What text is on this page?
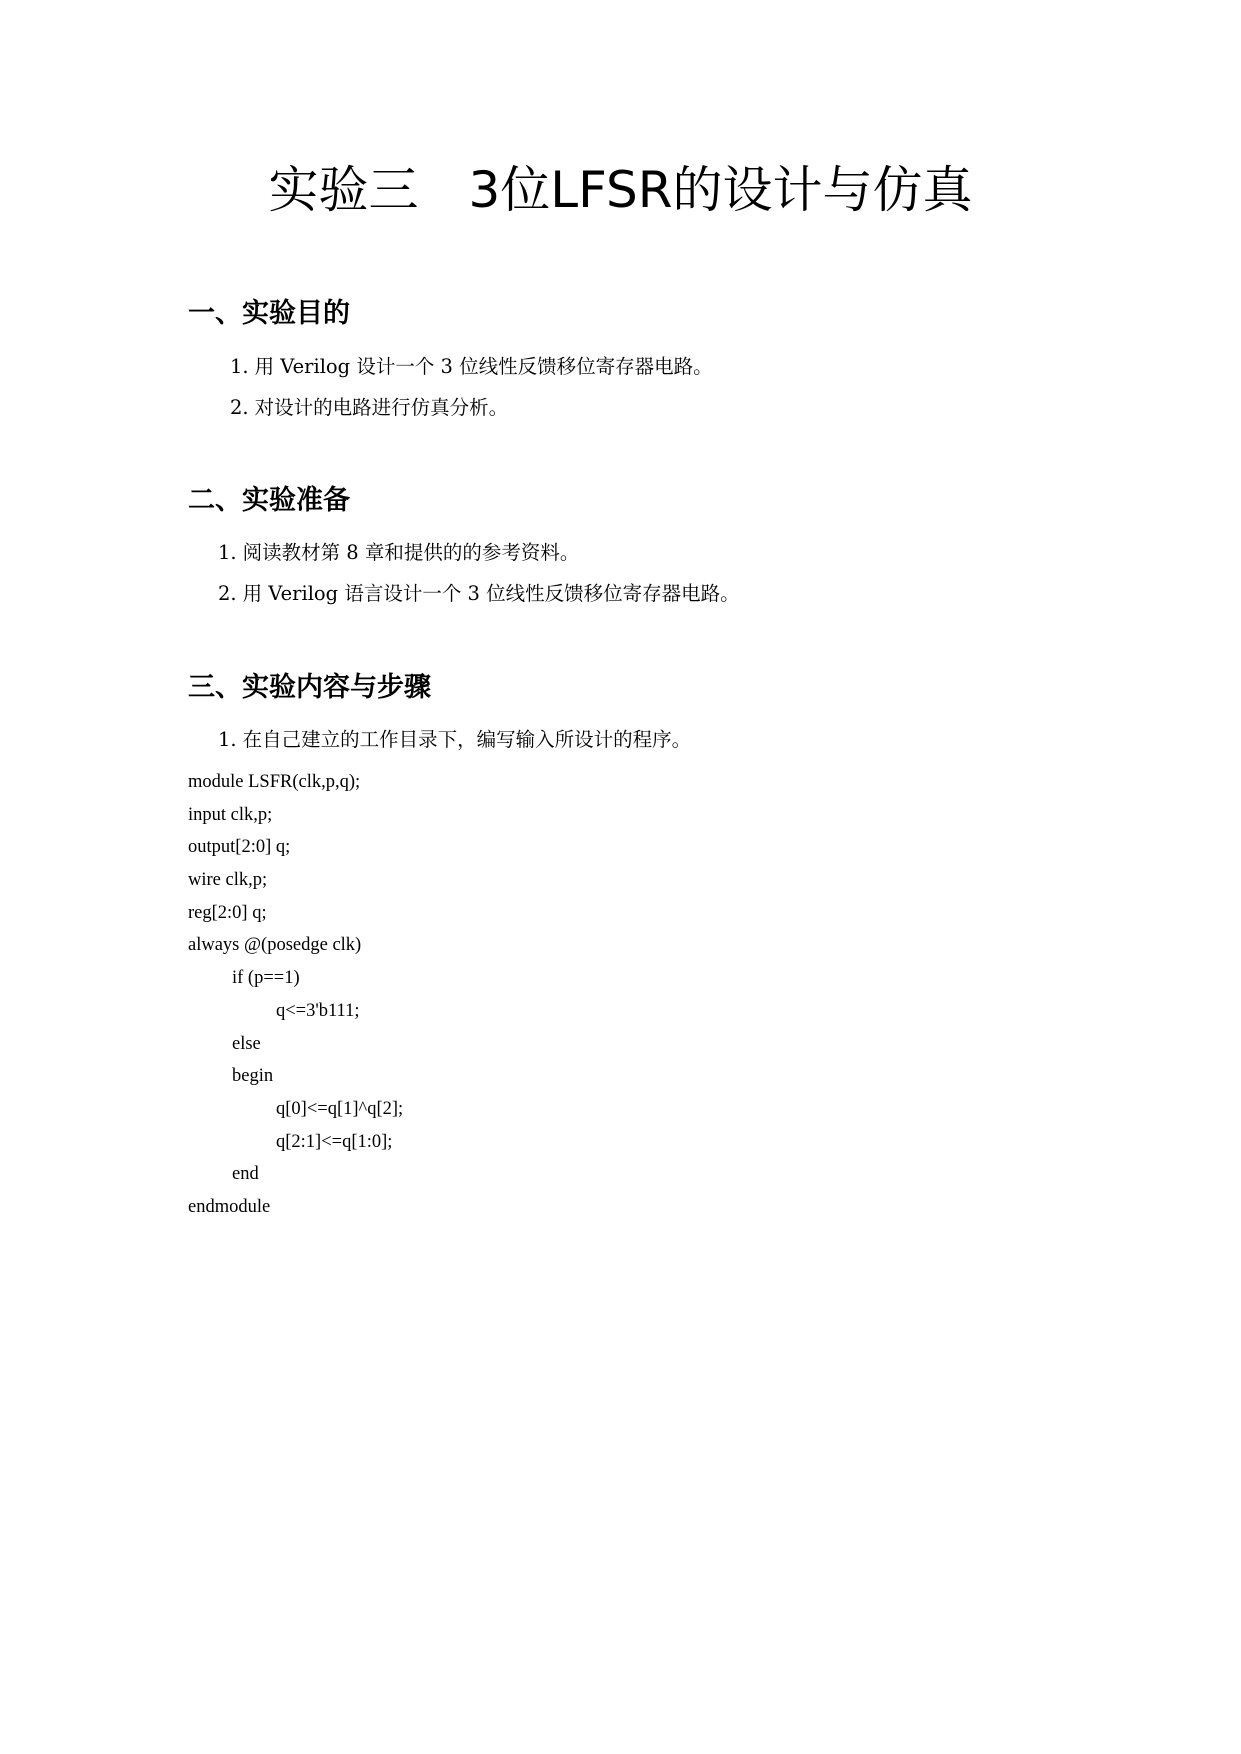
实验三　3位LFSR的设计与仿真
一、实验目的
1. 用 Verilog 设计一个 3 位线性反馈移位寄存器电路。
2. 对设计的电路进行仿真分析。
二、实验准备
1. 阅读教材第 8 章和提供的的参考资料。
2. 用 Verilog 语言设计一个 3 位线性反馈移位寄存器电路。
三、实验内容与步骤
1. 在自己建立的工作目录下，编写输入所设计的程序。
module LSFR(clk,p,q);
input clk,p;
output[2:0] q;
wire clk,p;
reg[2:0] q;
always @(posedge clk)
if (p==1)
q<=3'b111;
else
begin
q[0]<=q[1]^q[2];
q[2:1]<=q[1:0];
end
endmodule
